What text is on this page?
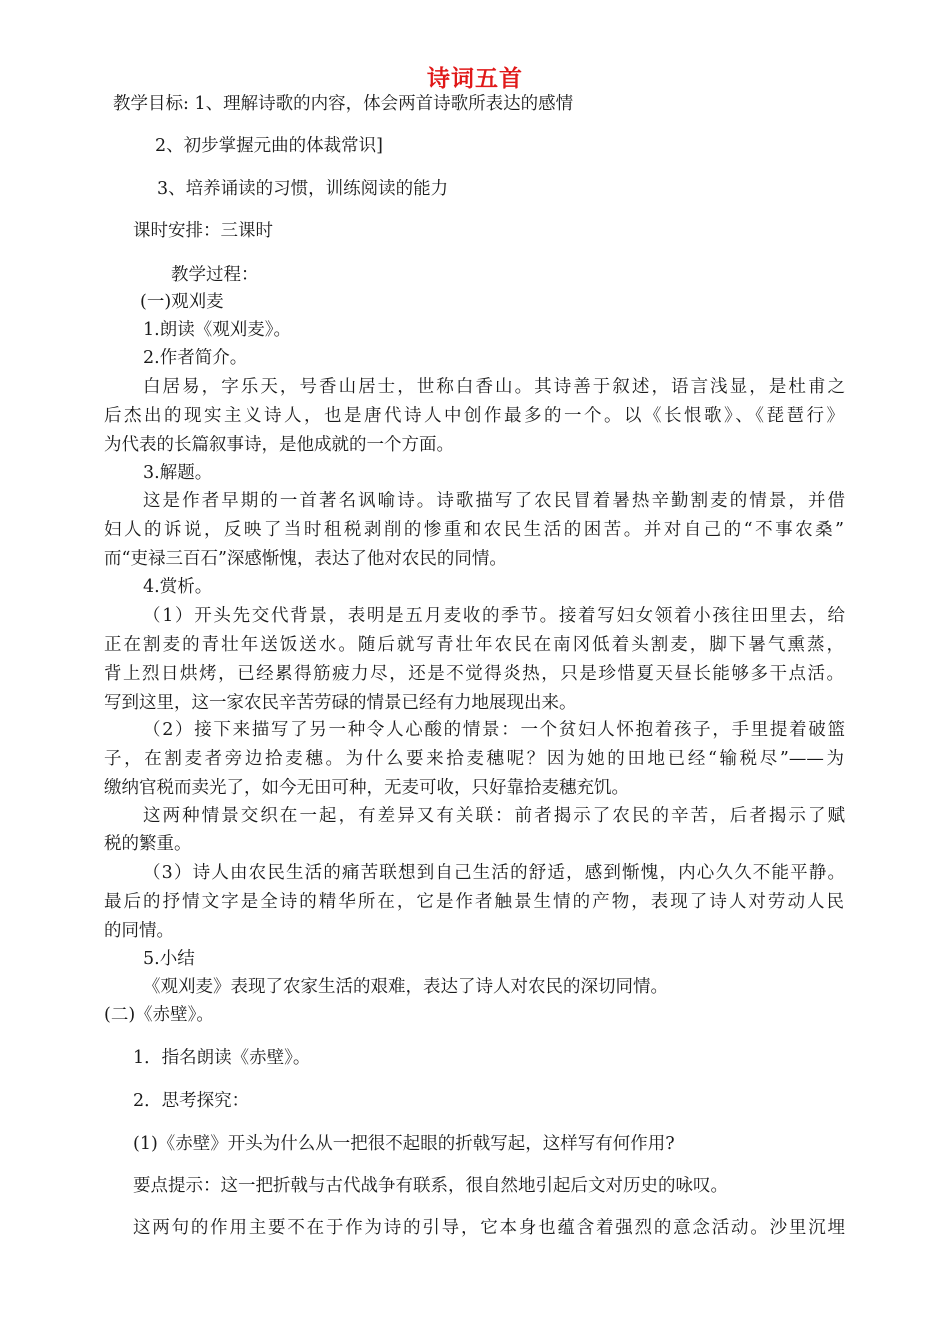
诗词五首
教学目标: 1、理解诗歌的内容，体会两首诗歌所表达的感情
2、初步掌握元曲的体裁常识]
3、培养诵读的习惯，训练阅读的能力
课时安排：三课时
教学过程：
(一)观刈麦
1.朗读《观刈麦》。
2.作者简介。
白居易，字乐天，号香山居士，世称白香山。其诗善于叙述，语言浅显，是杜甫之
后杰出的现实主义诗人，也是唐代诗人中创作最多的一个。以《长恨歌》、《琵琶行》
为代表的长篇叙事诗，是他成就的一个方面。
3.解题。
这是作者早期的一首著名讽喻诗。诗歌描写了农民冒着暑热辛勤割麦的情景，并借
妇人的诉说，反映了当时租税剥削的惨重和农民生活的困苦。并对自己的“不事农桑”
而“吏禄三百石”深感惭愧，表达了他对农民的同情。
4.赏析。
（1）开头先交代背景，表明是五月麦收的季节。接着写妇女领着小孩往田里去，给
正在割麦的青壮年送饭送水。随后就写青壮年农民在南冈低着头割麦，脚下暑气熏蒸，
背上烈日烘烤，已经累得筋疲力尽，还是不觉得炎热，只是珍惜夏天昼长能够多干点活。
写到这里，这一家农民辛苦劳碌的情景已经有力地展现出来。
（2）接下来描写了另一种令人心酸的情景：一个贫妇人怀抱着孩子，手里提着破篮
子，在割麦者旁边拾麦穗。为什么要来拾麦穗呢？因为她的田地已经“输税尽”——为
缴纳官税而卖光了，如今无田可种，无麦可收，只好靠拾麦穗充饥。
这两种情景交织在一起，有差异又有关联：前者揭示了农民的辛苦，后者揭示了赋
税的繁重。
（3）诗人由农民生活的痛苦联想到自己生活的舒适，感到惭愧，内心久久不能平静。
最后的抒情文字是全诗的精华所在，它是作者触景生情的产物，表现了诗人对劳动人民
的同情。
5.小结
《观刈麦》表现了农家生活的艰难，表达了诗人对农民的深切同情。
(二)《赤壁》。
1．指名朗读《赤壁》。
2．思考探究：
(1)《赤壁》开头为什么从一把很不起眼的折戟写起，这样写有何作用?
要点提示：这一把折戟与古代战争有联系，很自然地引起后文对历史的咏叹。
这两句的作用主要不在于作为诗的引导，它本身也蕴含着强烈的意念活动。沙里沉埋
